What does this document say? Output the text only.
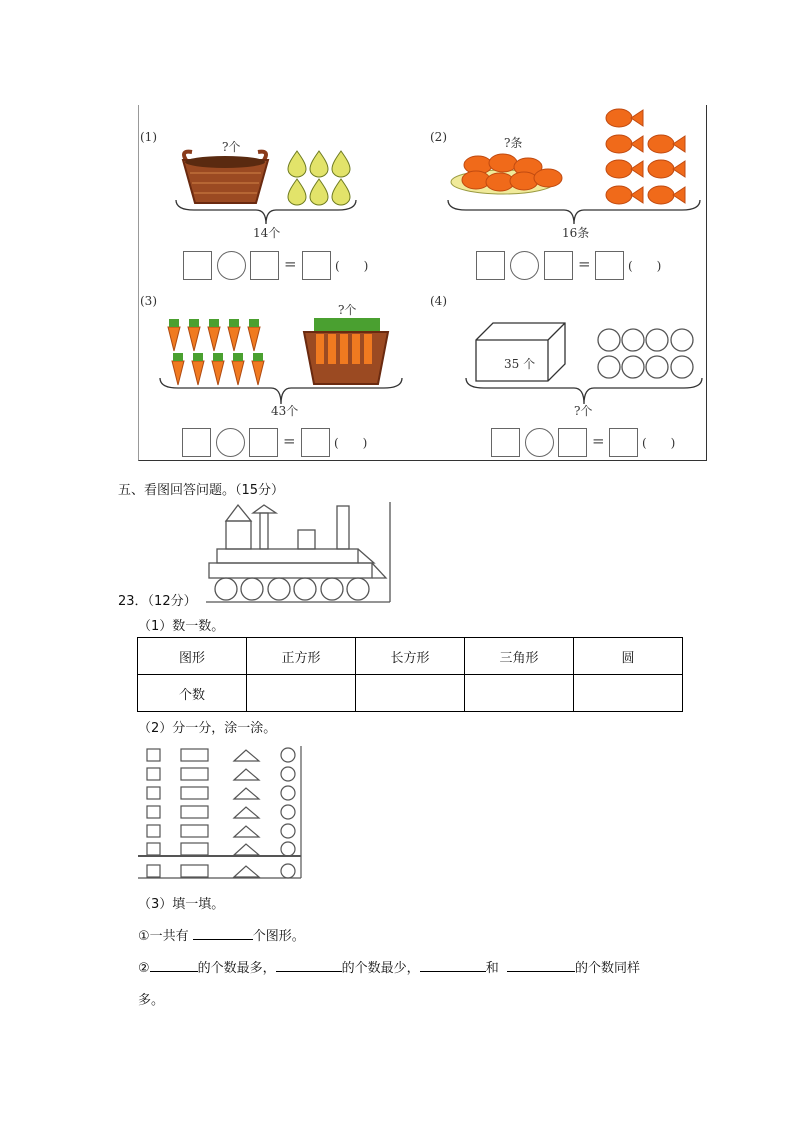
(1)
?个
14个
=	(　　)
(2)	?条
16条
=	(　　)
(3)
?个
43个
=	(　　)
(4)
35 个
?个
=	(　　)
五、看图回答问题。（15分）
23．（12分）
（1）数一数。
图形	正方形	长方形	三角形	圆
个数				
（2）分一分，涂一涂。
（3）填一填。
①一共有	个图形。
②	的个数最多，	的个数最少，	和	的个数同样
多。
